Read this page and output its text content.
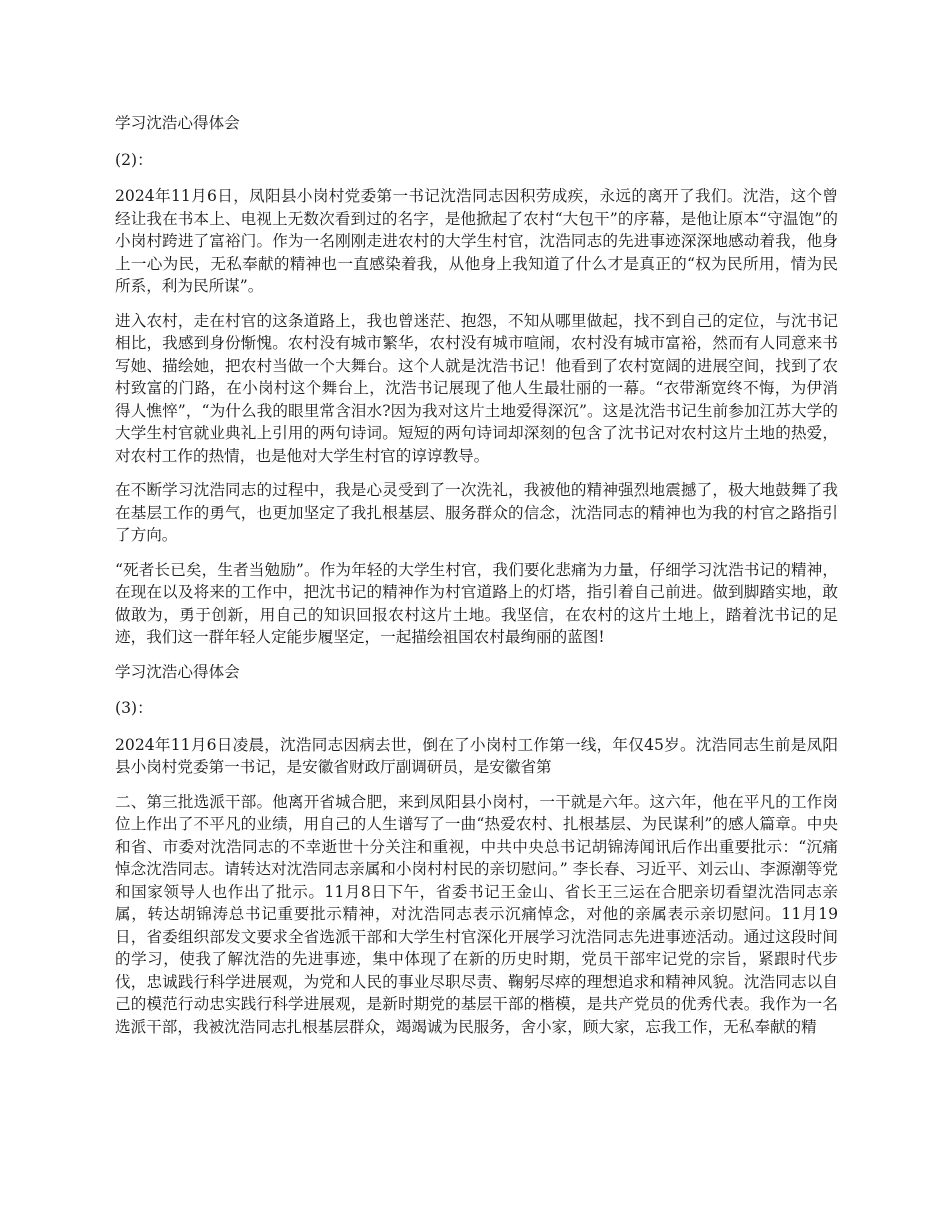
学习沈浩心得体会

(2)：

2024年11月6日，凤阳县小岗村党委第一书记沈浩同志因积劳成疾，永远的离开了我们。沈浩，这个曾经让我在书本上、电视上无数次看到过的名字，是他掀起了农村“大包干”的序幕，是他让原本“守温饱”的小岗村跨进了富裕门。作为一名刚刚走进农村的大学生村官，沈浩同志的先进事迹深深地感动着我，他身上一心为民，无私奉献的精神也一直感染着我，从他身上我知道了什么才是真正的“权为民所用，情为民所系，利为民所谋”。

进入农村，走在村官的这条道路上，我也曾迷茫、抱怨，不知从哪里做起，找不到自己的定位，与沈书记相比，我感到身份惭愧。农村没有城市繁华，农村没有城市喧闹，农村没有城市富裕，然而有人同意来书写她、描绘她，把农村当做一个大舞台。这个人就是沈浩书记！他看到了农村宽阔的进展空间，找到了农村致富的门路，在小岗村这个舞台上，沈浩书记展现了他人生最壮丽的一幕。“衣带渐宽终不悔，为伊消得人憔悴”，“为什么我的眼里常含泪水?因为我对这片土地爱得深沉”。这是沈浩书记生前参加江苏大学的大学生村官就业典礼上引用的两句诗词。短短的两句诗词却深刻的包含了沈书记对农村这片土地的热爱，对农村工作的热情，也是他对大学生村官的谆谆教导。

在不断学习沈浩同志的过程中，我是心灵受到了一次洗礼，我被他的精神强烈地震撼了，极大地鼓舞了我在基层工作的勇气，也更加坚定了我扎根基层、服务群众的信念，沈浩同志的精神也为我的村官之路指引了方向。

“死者长已矣，生者当勉励”。作为年轻的大学生村官，我们要化悲痛为力量，仔细学习沈浩书记的精神，在现在以及将来的工作中，把沈书记的精神作为村官道路上的灯塔，指引着自己前进。做到脚踏实地，敢做敢为，勇于创新，用自己的知识回报农村这片土地。我坚信，在农村的这片土地上，踏着沈书记的足迹，我们这一群年轻人定能步履坚定，一起描绘祖国农村最绚丽的蓝图!

学习沈浩心得体会

(3)：

2024年11月6日凌晨，沈浩同志因病去世，倒在了小岗村工作第一线，年仅45岁。沈浩同志生前是凤阳县小岗村党委第一书记，是安徽省财政厅副调研员，是安徽省第

二、第三批选派干部。他离开省城合肥，来到凤阳县小岗村，一干就是六年。这六年，他在平凡的工作岗位上作出了不平凡的业绩，用自己的人生谱写了一曲“热爱农村、扎根基层、为民谋利”的感人篇章。中央和省、市委对沈浩同志的不幸逝世十分关注和重视，中共中央总书记胡锦涛闻讯后作出重要批示：“沉痛悼念沈浩同志。请转达对沈浩同志亲属和小岗村村民的亲切慰问。” 李长春、习近平、刘云山、李源潮等党和国家领导人也作出了批示。11月8日下午，省委书记王金山、省长王三运在合肥亲切看望沈浩同志亲属，转达胡锦涛总书记重要批示精神，对沈浩同志表示沉痛悼念，对他的亲属表示亲切慰问。11月19日，省委组织部发文要求全省选派干部和大学生村官深化开展学习沈浩同志先进事迹活动。通过这段时间的学习，使我了解沈浩的先进事迹，集中体现了在新的历史时期，党员干部牢记党的宗旨，紧跟时代步伐，忠诚践行科学进展观，为党和人民的事业尽职尽责、鞠躬尽瘁的理想追求和精神风貌。沈浩同志以自己的模范行动忠实践行科学进展观，是新时期党的基层干部的楷模，是共产党员的优秀代表。我作为一名选派干部，我被沈浩同志扎根基层群众，竭竭诚为民服务，舍小家，顾大家，忘我工作，无私奉献的精
